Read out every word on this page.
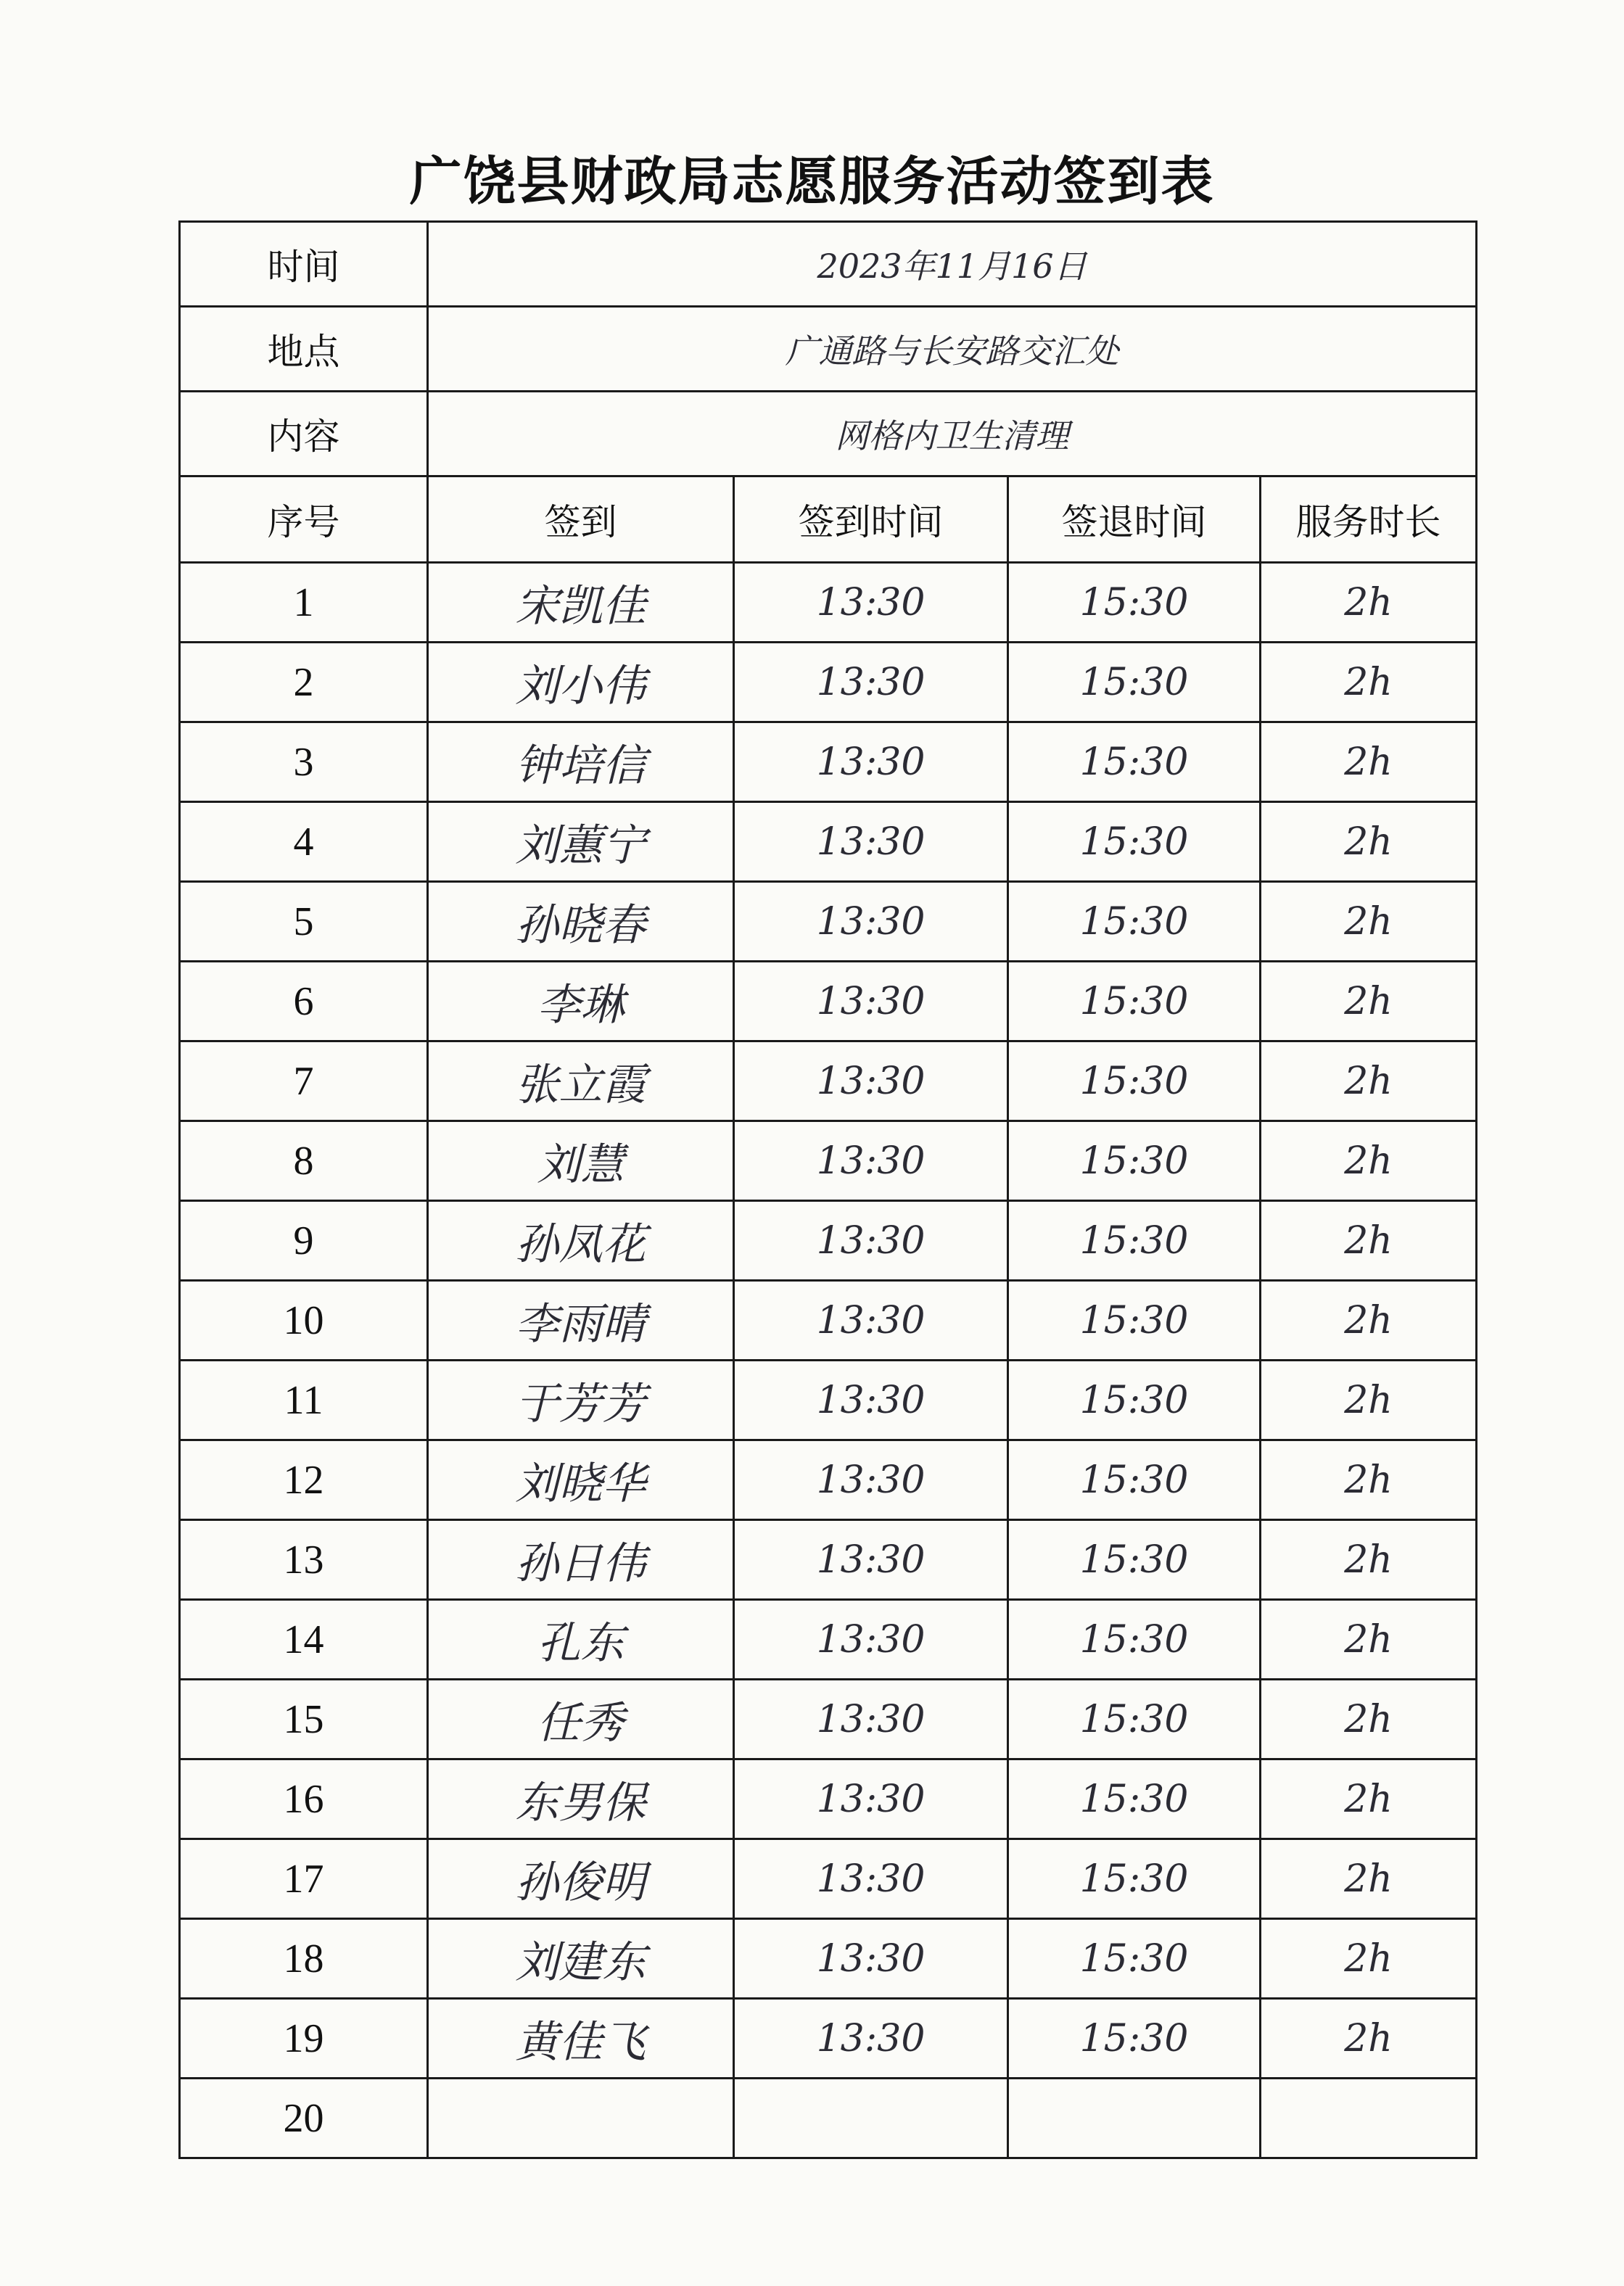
广饶县财政局志愿服务活动签到表
时间	2023年11月16日			
地点	广通路与长安路交汇处			
内容	网格内卫生清理			
序号	签到	签到时间	签退时间	服务时长
1	宋凯佳	13:30	15:30	2h
2	刘小伟	13:30	15:30	2h
3	钟培信	13:30	15:30	2h
4	刘蕙宁	13:30	15:30	2h
5	孙晓春	13:30	15:30	2h
6	李琳	13:30	15:30	2h
7	张立霞	13:30	15:30	2h
8	刘慧	13:30	15:30	2h
9	孙凤花	13:30	15:30	2h
10	李雨晴	13:30	15:30	2h
11	于芳芳	13:30	15:30	2h
12	刘晓华	13:30	15:30	2h
13	孙日伟	13:30	15:30	2h
14	孔东	13:30	15:30	2h
15	任秀	13:30	15:30	2h
16	东男保	13:30	15:30	2h
17	孙俊明	13:30	15:30	2h
18	刘建东	13:30	15:30	2h
19	黄佳飞	13:30	15:30	2h
20				
